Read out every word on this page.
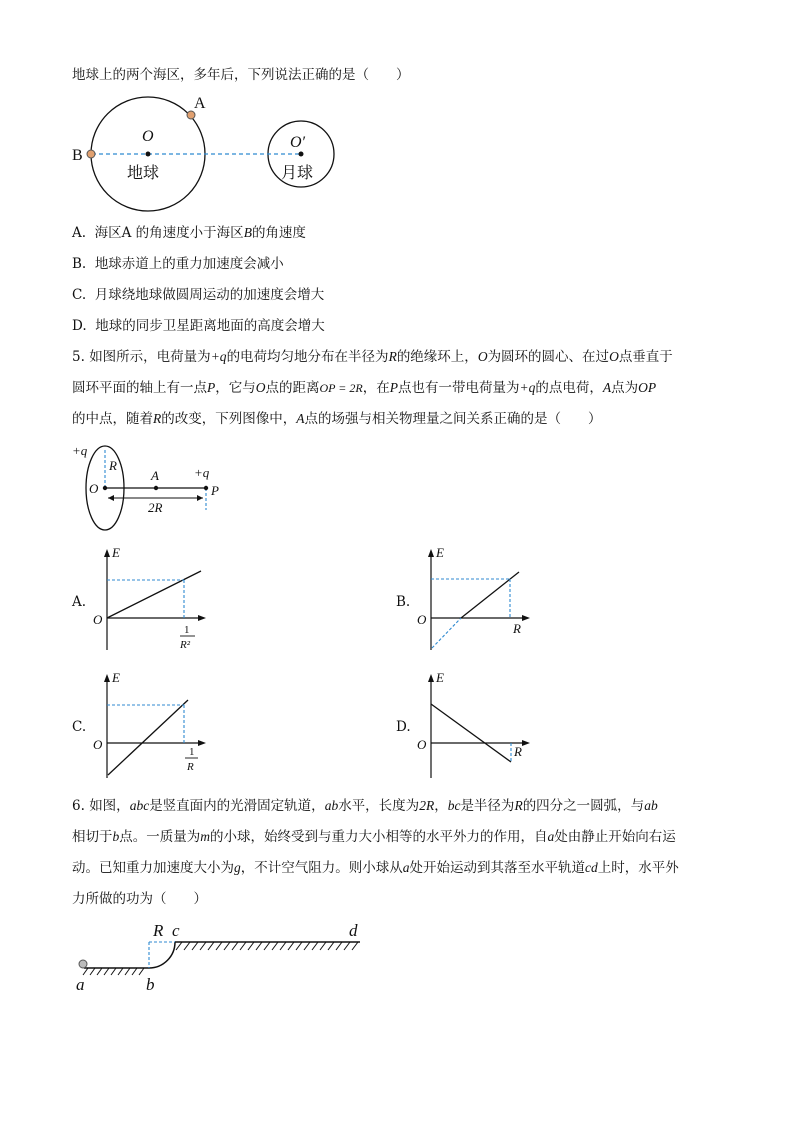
地球上的两个海区，多年后，下列说法正确的是（　　）
A
B
O	O′
地球	月球
A. 海区A 的角速度小于海区B的角速度
B. 地球赤道上的重力加速度会减小
C. 月球绕地球做圆周运动的加速度会增大
D. 地球的同步卫星距离地面的高度会增大
5. 如图所示，电荷量为+q的电荷均匀地分布在半径为R的绝缘环上，O为圆环的圆心、在过O点垂直于
圆环平面的轴上有一点P，它与O点的距离OP = 2R，在P点也有一带电荷量为+q的点电荷，A点为OP
的中点，随着R的改变，下列图像中，A点的场强与相关物理量之间关系正确的是（　　）
+q
R
A	+q
O	P
2R
A.
E
O
1
R²
B.
E
O
R
C.
E
O	1
R
D.
E
O	R
6. 如图，abc是竖直面内的光滑固定轨道，ab水平，长度为2R，bc是半径为R的四分之一圆弧，与ab
相切于b点。一质量为m的小球，始终受到与重力大小相等的水平外力的作用，自a处由静止开始向右运
动。已知重力加速度大小为g，不计空气阻力。则小球从a处开始运动到其落至水平轨道cd上时，水平外
力所做的功为（　　）
R c	d
a	b
